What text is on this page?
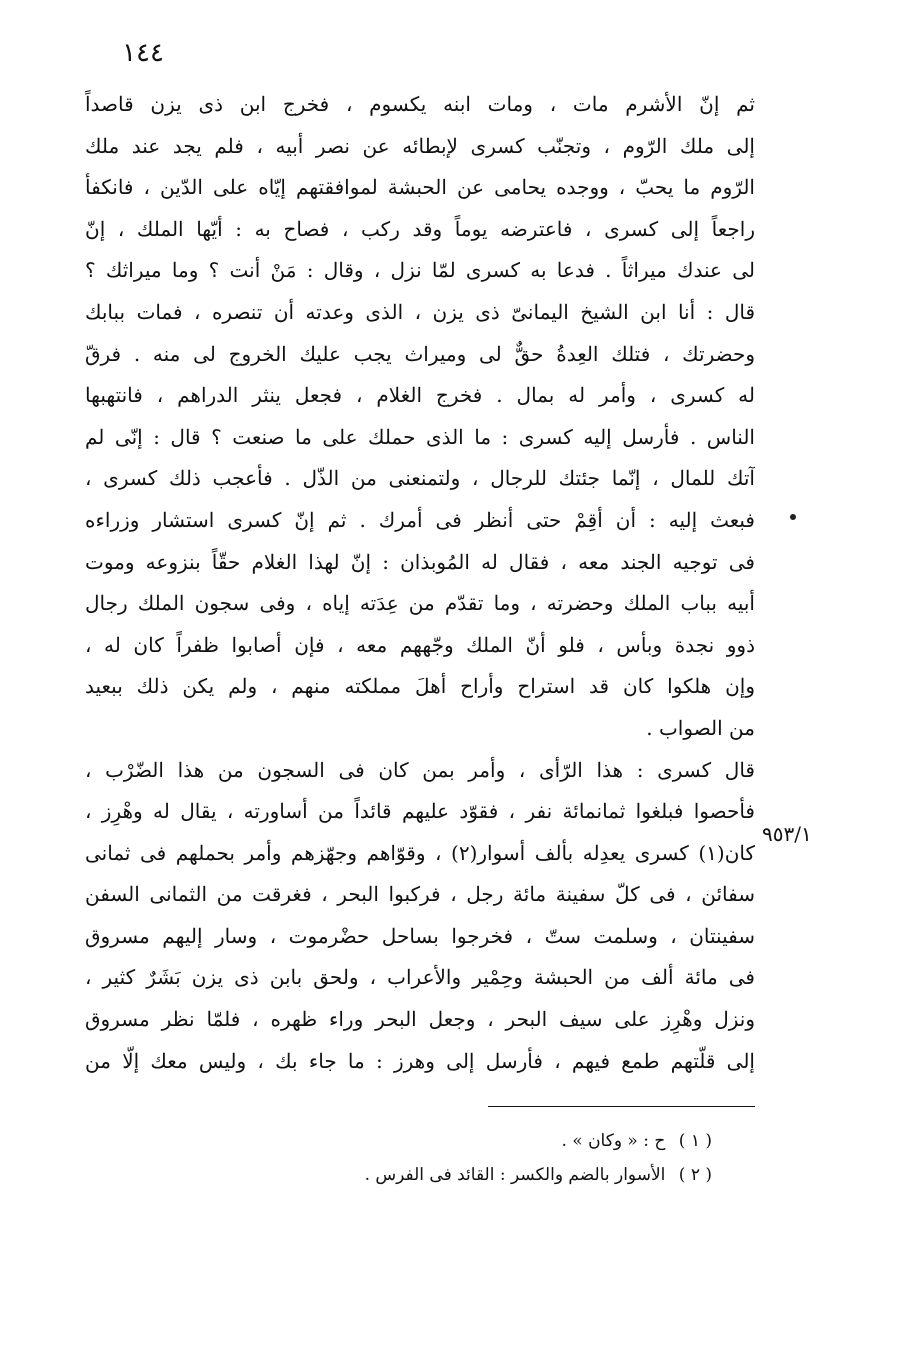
١٤٤
٩٥٣/١
ثم إنّ الأشرم مات ، ومات ابنه يكسوم ، فخرج ابن ذى يزن قاصداً
إلى ملك الرّوم ، وتجنّب كسرى لإبطائه عن نصر أبيه ، فلم يجد عند ملك
الرّوم ما يحبّ ، ووجده يحامى عن الحبشة لموافقتهم إيّاه على الدّين ، فانكفأ
راجعاً إلى كسرى ، فاعترضه يوماً وقد ركب ، فصاح به : أيّها الملك ، إنّ
لى عندك ميراثاً . فدعا به كسرى لمّا نزل ، وقال : مَنْ أنت ؟ وما ميراثك ؟
قال : أنا ابن الشيخ اليمانىّ ذى يزن ، الذى وعدته أن تنصره ، فمات ببابك
وحضرتك ، فتلك العِدةُ حقٌّ لى وميراث يجب عليك الخروج لى منه . فرقّ
له كسرى ، وأمر له بمال . فخرج الغلام ، فجعل ينثر الدراهم ، فانتهبها
الناس . فأرسل إليه كسرى : ما الذى حملك على ما صنعت ؟ قال : إنّى لم
آتك للمال ، إنّما جئتك للرجال ، ولتمنعنى من الذّل . فأعجب ذلك كسرى ،
فبعث إليه : أن أقِمْ حتى أنظر فى أمرك . ثم إنّ كسرى استشار وزراءه
فى توجيه الجند معه ، فقال له المُوبذان : إنّ لهذا الغلام حقّاً بنزوعه وموت
أبيه بباب الملك وحضرته ، وما تقدّم من عِدَته إياه ، وفى سجون الملك رجال
ذوو نجدة وبأس ، فلو أنّ الملك وجّههم معه ، فإن أصابوا ظفراً كان له ،
وإن هلكوا كان قد استراح وأراح أهلَ مملكته منهم ، ولم يكن ذلك ببعيد
من الصواب .
قال كسرى : هذا الرّأى ، وأمر بمن كان فى السجون من هذا الضّرْب ،
فأحصوا فبلغوا ثمانمائة نفر ، فقوّد عليهم قائداً من أساورته ، يقال له وهْرِز ،
كان(١) كسرى يعدِله بألف أسوار(٢) ، وقوّاهم وجهّزهم وأمر بحملهم فى ثمانى
سفائن ، فى كلّ سفينة مائة رجل ، فركبوا البحر ، فغرقت من الثمانى السفن
سفينتان ، وسلمت ستّ ، فخرجوا بساحل حضْرموت ، وسار إليهم مسروق
فى مائة ألف من الحبشة وحِمْير والأعراب ، ولحق بابن ذى يزن بَشَرٌ كثير ،
ونزل وهْرِز على سيف البحر ، وجعل البحر وراء ظهره ، فلمّا نظر مسروق
إلى قلّتهم طمع فيهم ، فأرسل إلى وهرز : ما جاء بك ، وليس معك إلّا من
( ١ ) ح : « وكان » .
( ٢ ) الأسوار بالضم والكسر : القائد فى الفرس .
